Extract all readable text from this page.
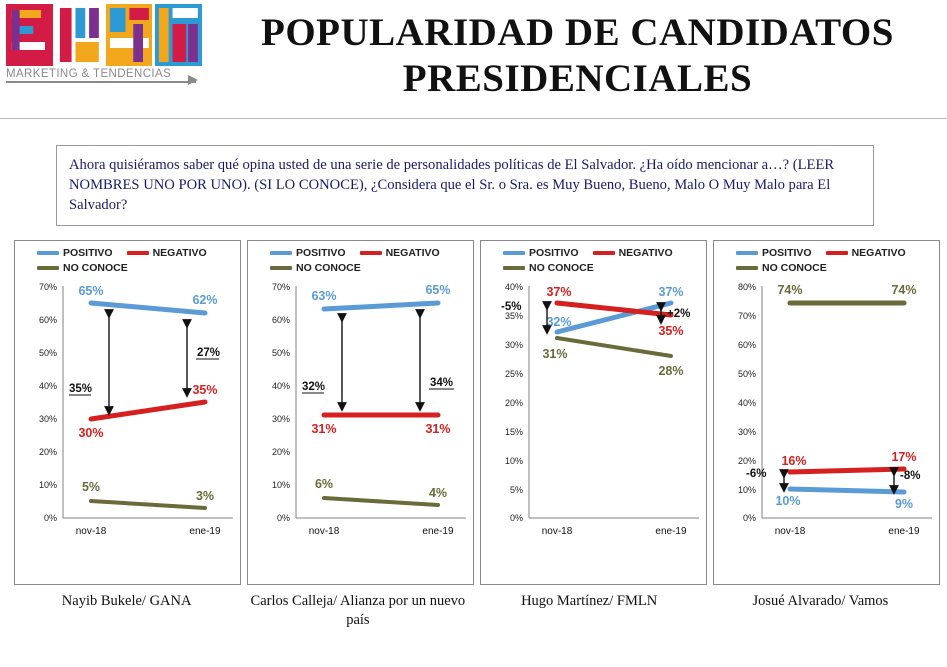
MARKETING & TENDENCIAS
POPULARIDAD DE CANDIDATOS
PRESIDENCIALES
Ahora quisiéramos saber qué opina usted de una serie de personalidades políticas de El Salvador. ¿Ha oído mencionar a…? (LEER NOMBRES UNO POR UNO). (SI LO CONOCE), ¿Considera que el Sr. o Sra. es Muy Bueno, Bueno, Malo O Muy Malo para El Salvador?
POSITIVO	NEGATIVO
NO CONOCE
70%
60%
50%
40%
30%
20%
10%
0%
65%
62%
30%
35%
5%
3%
35%
27%
nov-18	ene-19
POSITIVO	NEGATIVO
NO CONOCE
70%
60%
50%
40%
30%
20%
10%
0%
63%	65%
31%	31%
6%
4%
32%	34%
nov-18	ene-19
POSITIVO	NEGATIVO
NO CONOCE
40%
35%
30%
25%
20%
15%
10%
5%
0%
37%
32%
31%
37%
35%
28%
-5%
+2%
nov-18	ene-19
POSITIVO	NEGATIVO
NO CONOCE
80%
70%
60%
50%
40%
30%
20%
10%
0%
74%	74%
16%	17%
10%	9%
-6%	-8%
nov-18	ene-19
Nayib Bukele/ GANA	Carlos Calleja/ Alianza por un nuevo país
Hugo Martínez/ FMLN	Josué Alvarado/ Vamos
